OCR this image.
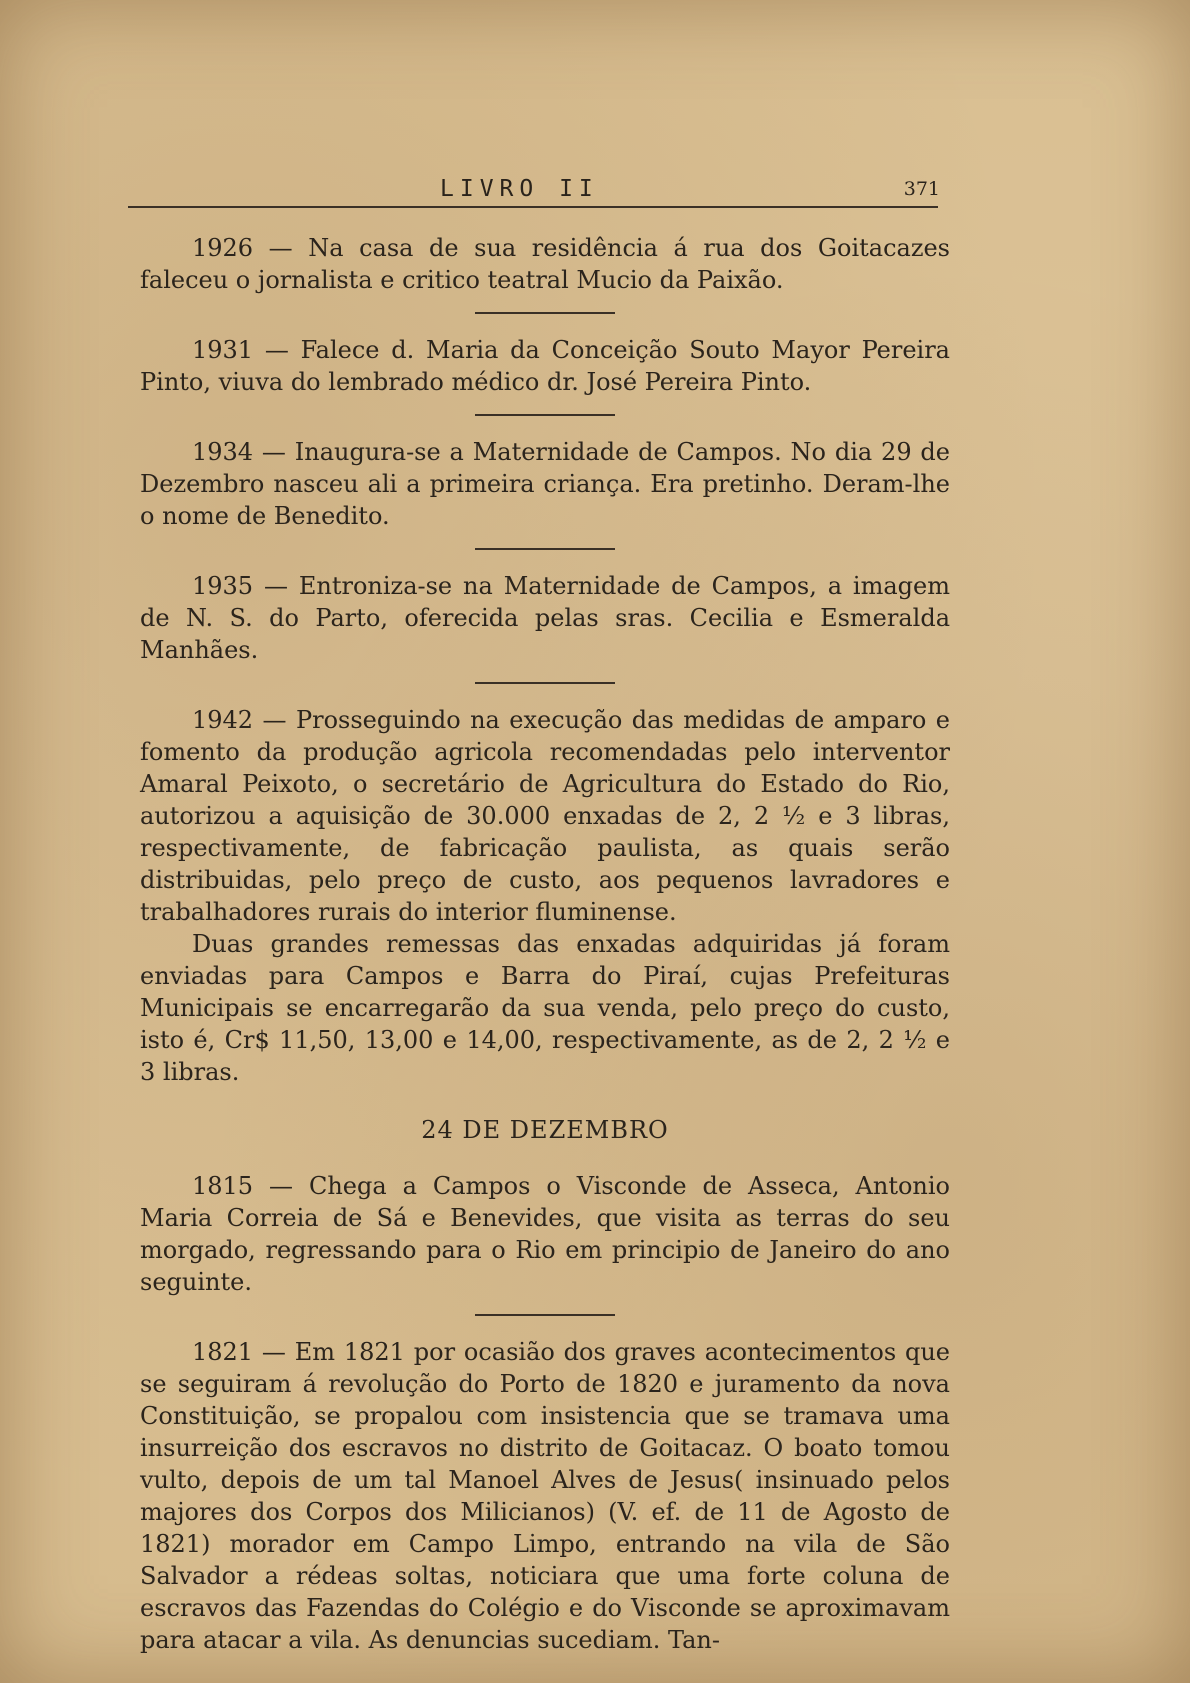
LIVRO II	371

1926 — Na casa de sua residência á rua dos Goitacazes faleceu o jornalista e critico teatral Mucio da Paixão.

1931 — Falece d. Maria da Conceição Souto Mayor Pereira Pinto, viuva do lembrado médico dr. José Pereira Pinto.

1934 — Inaugura-se a Maternidade de Campos. No dia 29 de Dezembro nasceu ali a primeira criança. Era pretinho. Deram-lhe o nome de Benedito.

1935 — Entroniza-se na Maternidade de Campos, a imagem de N. S. do Parto, oferecida pelas sras. Cecilia e Esmeralda Manhães.

1942 — Prosseguindo na execução das medidas de amparo e fomento da produção agricola recomendadas pelo interventor Amaral Peixoto, o secretário de Agricultura do Estado do Rio, autorizou a aquisição de 30.000 enxadas de 2, 2 ½ e 3 libras, respectivamente, de fabricação paulista, as quais serão distribuidas, pelo preço de custo, aos pequenos lavradores e trabalhadores rurais do interior fluminense.

Duas grandes remessas das enxadas adquiridas já foram enviadas para Campos e Barra do Piraí, cujas Prefeituras Municipais se encarregarão da sua venda, pelo preço do custo, isto é, Cr$ 11,50, 13,00 e 14,00, respectivamente, as de 2, 2 ½ e 3 libras.

24 DE DEZEMBRO

1815 — Chega a Campos o Visconde de Asseca, Antonio Maria Correia de Sá e Benevides, que visita as terras do seu morgado, regressando para o Rio em principio de Janeiro do ano seguinte.

1821 — Em 1821 por ocasião dos graves acontecimentos que se seguiram á revolução do Porto de 1820 e juramento da nova Constituição, se propalou com insistencia que se tramava uma insurreição dos escravos no distrito de Goitacaz. O boato tomou vulto, depois de um tal Manoel Alves de Jesus( insinuado pelos majores dos Corpos dos Milicianos) (V. ef. de 11 de Agosto de 1821) morador em Campo Limpo, entrando na vila de São Salvador a rédeas soltas, noticiara que uma forte coluna de escravos das Fazendas do Colégio e do Visconde se aproximavam para atacar a vila. As denuncias sucediam. Tan-
